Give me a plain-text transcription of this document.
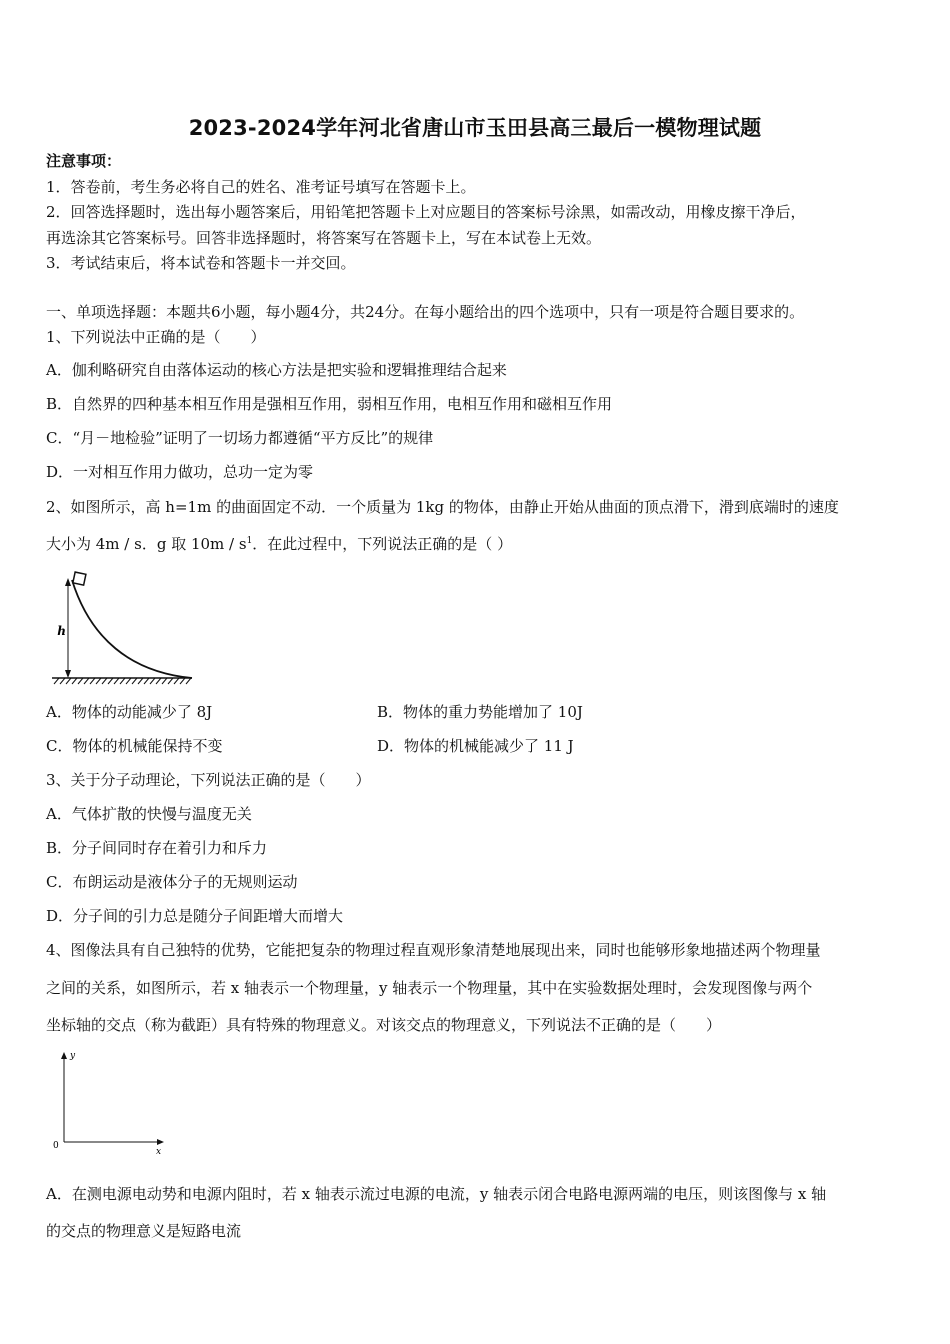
2023-2024学年河北省唐山市玉田县高三最后一模物理试题
注意事项：
1．答卷前，考生务必将自己的姓名、准考证号填写在答题卡上。
2．回答选择题时，选出每小题答案后，用铅笔把答题卡上对应题目的答案标号涂黑，如需改动，用橡皮擦干净后，
再选涂其它答案标号。回答非选择题时，将答案写在答题卡上，写在本试卷上无效。
3．考试结束后，将本试卷和答题卡一并交回。
一、单项选择题：本题共6小题，每小题4分，共24分。在每小题给出的四个选项中，只有一项是符合题目要求的。
1、下列说法中正确的是（　　）
A．伽利略研究自由落体运动的核心方法是把实验和逻辑推理结合起来
B．自然界的四种基本相互作用是强相互作用，弱相互作用，电相互作用和磁相互作用
C．“月－地检验”证明了一切场力都遵循“平方反比”的规律
D．一对相互作用力做功，总功一定为零
2、如图所示，高 h=1m 的曲面固定不动．一个质量为 1kg 的物体，由静止开始从曲面的顶点滑下，滑到底端时的速度
大小为 4m / s．g 取 $10m / s^1$．在此过程中，下列说法正确的是（ ）
h
A．物体的动能减少了 8J	B．物体的重力势能增加了 10J
C．物体的机械能保持不变	D．物体的机械能减少了 11 J
3、关于分子动理论，下列说法正确的是（　　）
A．气体扩散的快慢与温度无关
B．分子间同时存在着引力和斥力
C．布朗运动是液体分子的无规则运动
D．分子间的引力总是随分子间距增大而增大
4、图像法具有自己独特的优势，它能把复杂的物理过程直观形象清楚地展现出来，同时也能够形象地描述两个物理量
之间的关系，如图所示，若 x 轴表示一个物理量，y 轴表示一个物理量，其中在实验数据处理时，会发现图像与两个
坐标轴的交点（称为截距）具有特殊的物理意义。对该交点的物理意义，下列说法不正确的是（　　）
y
x
0
A．在测电源电动势和电源内阻时，若 x 轴表示流过电源的电流，y 轴表示闭合电路电源两端的电压，则该图像与 x 轴
的交点的物理意义是短路电流
